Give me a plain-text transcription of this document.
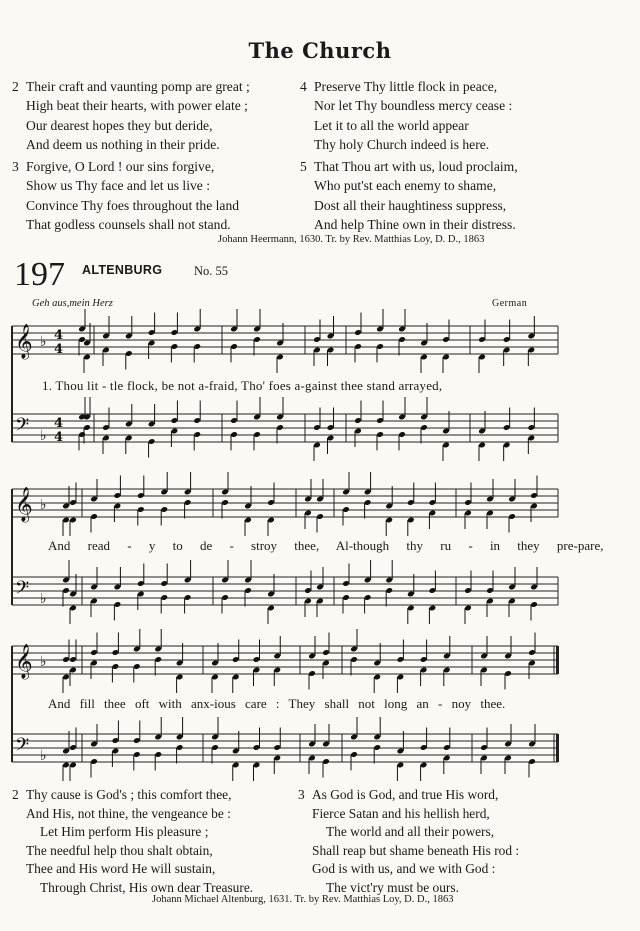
The Church
2 Their craft and vaunting pomp are great ;
High beat their hearts, with power elate ;
Our dearest hopes they but deride,
And deem us nothing in their pride.
3 Forgive, O Lord ! our sins forgive,
Show us Thy face and let us live :
Convince Thy foes throughout the land
That godless counsels shall not stand.
4 Preserve Thy little flock in peace,
Nor let Thy boundless mercy cease :
Let it to all the world appear
Thy holy Church indeed is here.
5 That Thou art with us, loud proclaim,
Who put'st each enemy to shame,
Dost all their haughtiness suppress,
And help Thine own in their distress.
Johann Heermann, 1630. Tr. by Rev. Matthias Loy, D. D., 1863
197 ALTENBURG	No. 55
Geh aus,mein Herz	German
𝄞 ♭ 4
4
𝄢 ♭
4
4
𝄞 ♭
𝄢 ♭
𝄞 ♭
𝄢 ♭
1. Thou lit - tle flock, be not a-fraid, Tho' foes a-gainst thee stand arrayed,
And read - y to de - stroy thee, Al-though thy ru - in they pre-pare,
And fill thee oft with anx-ious care : They shall not long an - noy thee.
2 Thy cause is God's ; this comfort thee,
And His, not thine, the vengeance be :
Let Him perform His pleasure ;
The needful help thou shalt obtain,
Thee and His word He will sustain,
Through Christ, His own dear Treasure.
3 As God is God, and true His word,
Fierce Satan and his hellish herd,
The world and all their powers,
Shall reap but shame beneath His rod :
God is with us, and we with God :
The vict'ry must be ours.
Johann Michael Altenburg, 1631. Tr. by Rev. Matthias Loy, D. D., 1863
